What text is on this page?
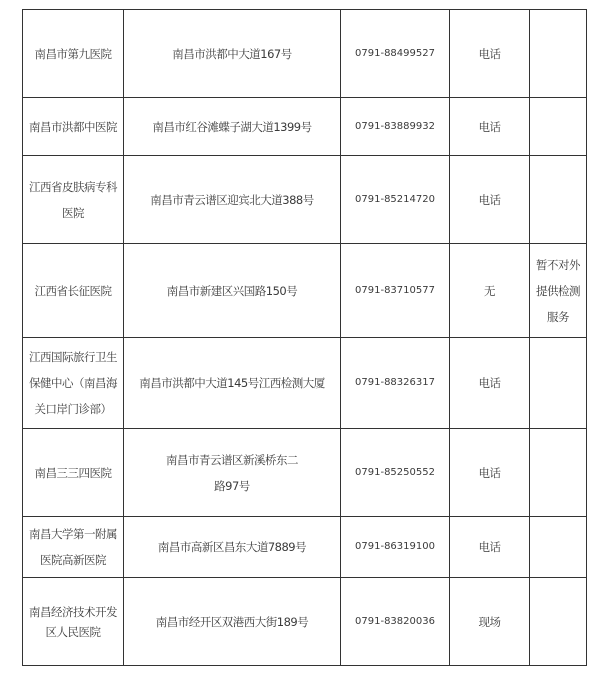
南昌市第九医院	南昌市洪都中大道167号	0791-88499527	电话	
南昌市洪都中医院	南昌市红谷滩蝶子湖大道1399号	0791-83889932	电话	
江西省皮肤病专科医院	南昌市青云谱区迎宾北大道388号	0791-85214720	电话	
江西省长征医院	南昌市新建区兴国路150号	0791-83710577	无	暂不对外提供检测服务
江西国际旅行卫生保健中心（南昌海关口岸门诊部）	南昌市洪都中大道145号江西检测大厦	0791-88326317	电话	
南昌三三四医院	南昌市青云谱区新溪桥东二路97号	0791-85250552	电话	
南昌大学第一附属医院高新医院	南昌市高新区昌东大道7889号	0791-86319100	电话	
南昌经济技术开发区人民医院	南昌市经开区双港西大街189号	0791-83820036	现场	
